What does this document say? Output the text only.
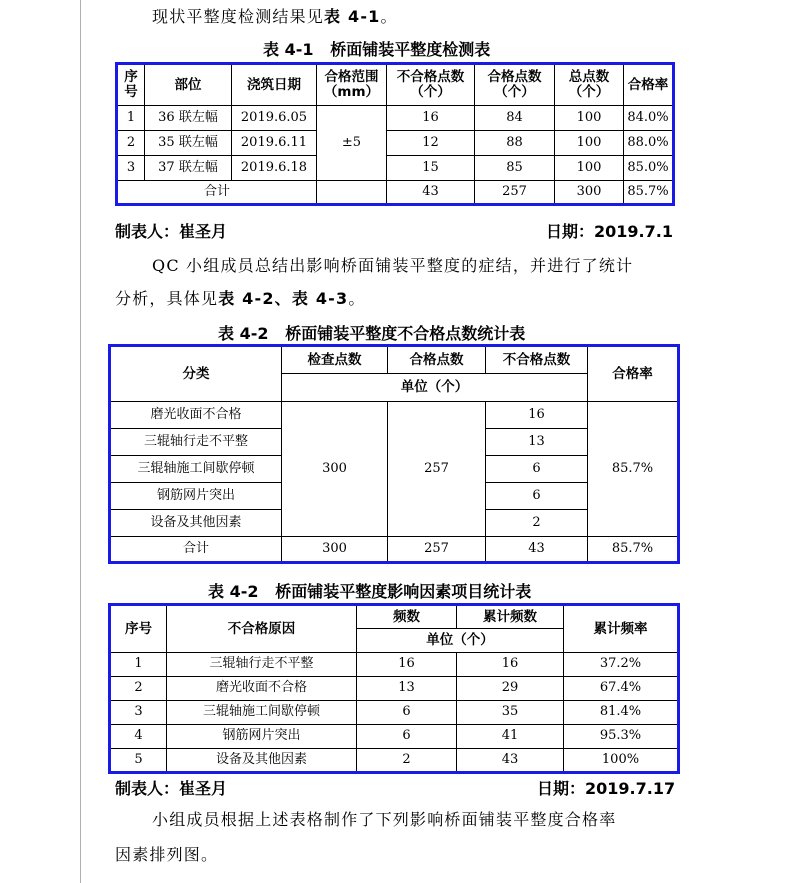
现状平整度检测结果见表 4-1。
表 4-1   桥面铺装平整度检测表
序号	部位	浇筑日期	合格范围（mm）	不合格点数（个）	合格点数（个）	总点数（个）	合格率
1	36 联左幅	2019.6.05	±5	16	84	100	84.0%
2	35 联左幅	2019.6.11		12	88	100	88.0%
3	37 联左幅	2019.6.18		15	85	100	85.0%
合计				43	257	300	85.7%
制表人：崔圣月	日期：2019.7.1
QC 小组成员总结出影响桥面铺装平整度的症结，并进行了统计
分析，具体见表 4-2、表 4-3。
表 4-2   桥面铺装平整度不合格点数统计表
分类	检查点数	合格点数	不合格点数	合格率
	单位（个）			
磨光收面不合格	300	257	16	85.7%
三辊轴行走不平整			13	
三辊轴施工间歇停顿			6	
钢筋网片突出			6	
设备及其他因素			2	
合计	300	257	43	85.7%
表 4-2   桥面铺装平整度影响因素项目统计表
序号	不合格原因	频数	累计频数	累计频率
		单位（个）		
1	三辊轴行走不平整	16	16	37.2%
2	磨光收面不合格	13	29	67.4%
3	三辊轴施工间歇停顿	6	35	81.4%
4	钢筋网片突出	6	41	95.3%
5	设备及其他因素	2	43	100%
制表人：崔圣月	日期：2019.7.17
小组成员根据上述表格制作了下列影响桥面铺装平整度合格率
因素排列图。
